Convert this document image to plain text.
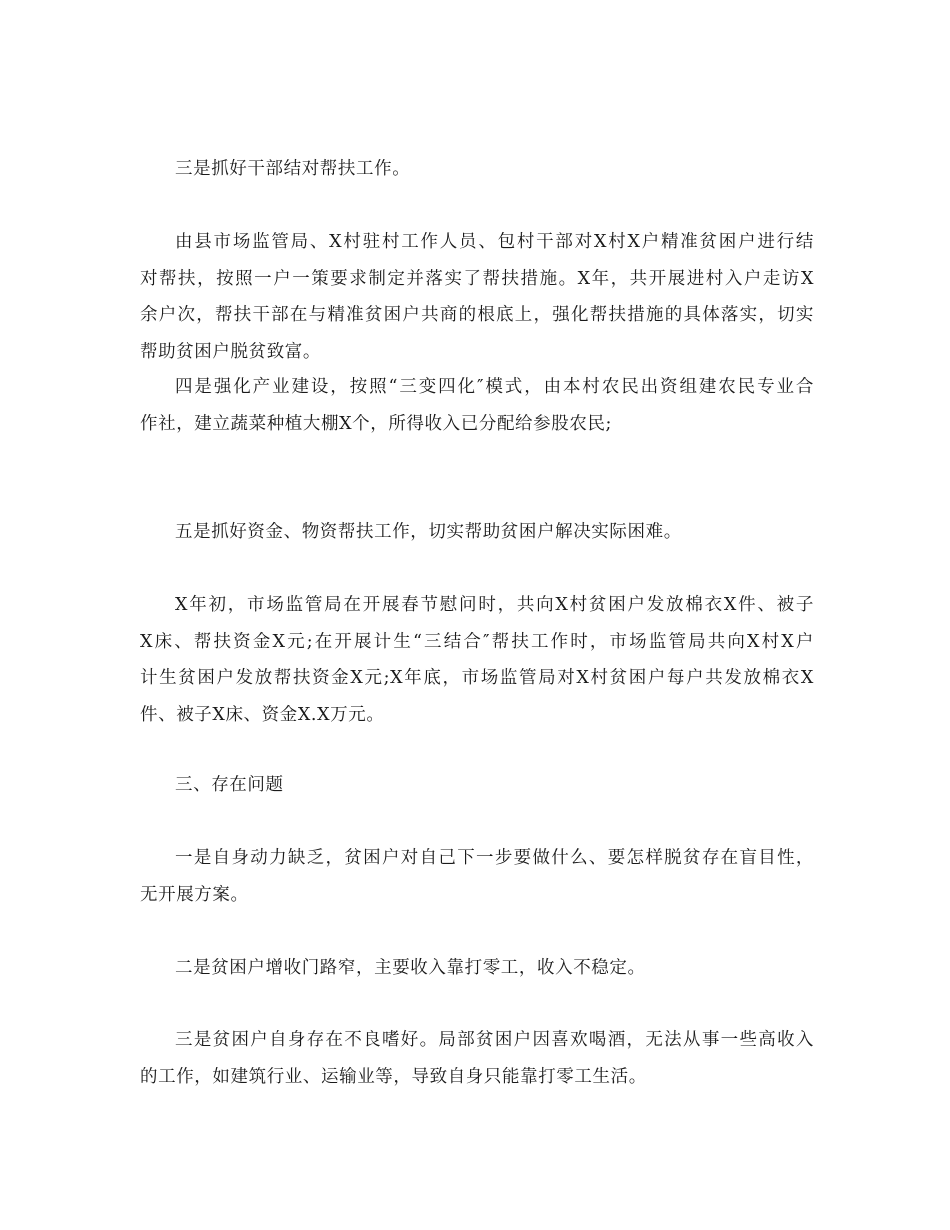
三是抓好干部结对帮扶工作。
由县市场监管局、X村驻村工作人员、包村干部对X村X户精准贫困户进行结
对帮扶，按照一户一策要求制定并落实了帮扶措施。X年，共开展进村入户走访X
余户次，帮扶干部在与精准贫困户共商的根底上，强化帮扶措施的具体落实，切实
帮助贫困户脱贫致富。
四是强化产业建设，按照“三变四化″模式，由本村农民出资组建农民专业合
作社，建立蔬菜种植大棚X个，所得收入已分配给参股农民;
五是抓好资金、物资帮扶工作，切实帮助贫困户解决实际困难。
X年初，市场监管局在开展春节慰问时，共向X村贫困户发放棉衣X件、被子
X床、帮扶资金X元;在开展计生“三结合″帮扶工作时，市场监管局共向X村X户
计生贫困户发放帮扶资金X元;X年底，市场监管局对X村贫困户每户共发放棉衣X
件、被子X床、资金X.X万元。
三、存在问题
一是自身动力缺乏，贫困户对自己下一步要做什么、要怎样脱贫存在盲目性，
无开展方案。
二是贫困户增收门路窄，主要收入靠打零工，收入不稳定。
三是贫困户自身存在不良嗜好。局部贫困户因喜欢喝酒，无法从事一些高收入
的工作，如建筑行业、运输业等，导致自身只能靠打零工生活。
